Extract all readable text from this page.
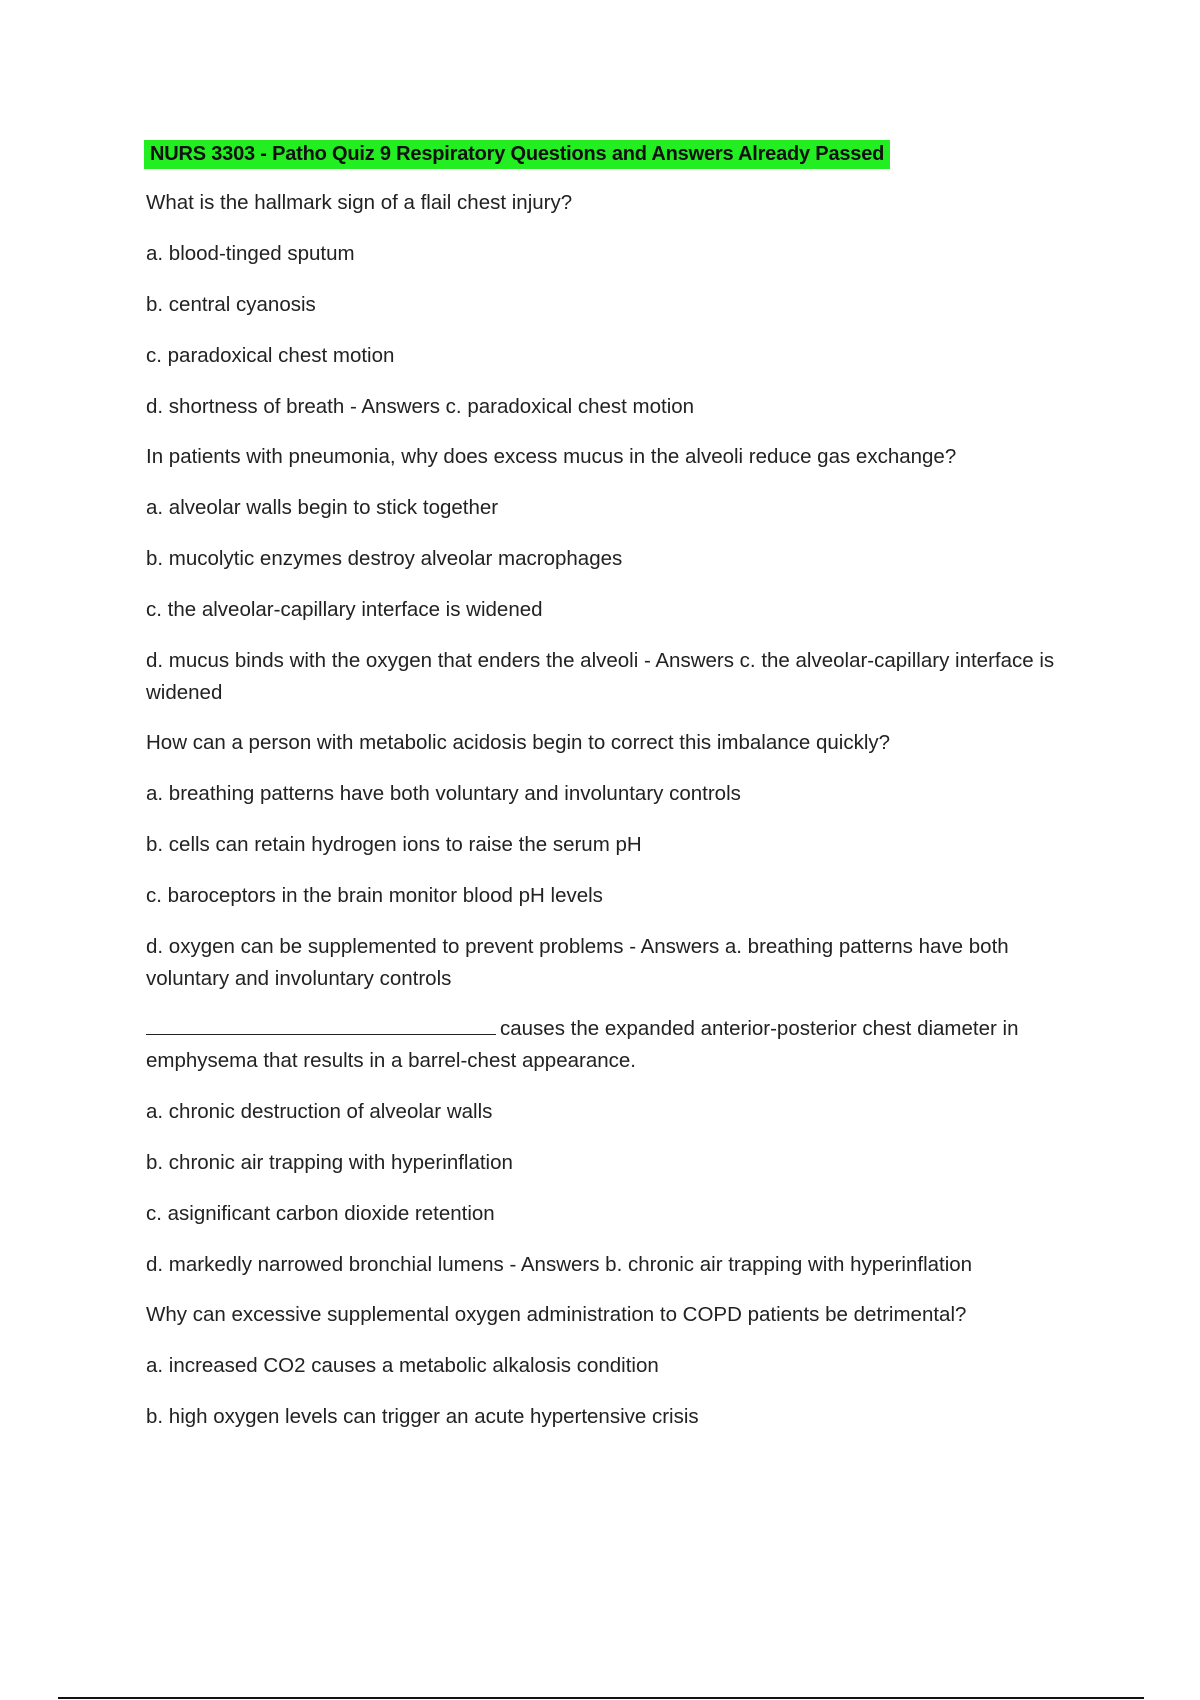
NURS 3303 - Patho Quiz 9 Respiratory Questions and Answers Already Passed

What is the hallmark sign of a flail chest injury?

a. blood-tinged sputum

b. central cyanosis

c. paradoxical chest motion

d. shortness of breath - Answers c. paradoxical chest motion

In patients with pneumonia, why does excess mucus in the alveoli reduce gas exchange?

a. alveolar walls begin to stick together

b. mucolytic enzymes destroy alveolar macrophages

c. the alveolar-capillary interface is widened

d. mucus binds with the oxygen that enders the alveoli - Answers c. the alveolar-capillary interface is widened

How can a person with metabolic acidosis begin to correct this imbalance quickly?

a. breathing patterns have both voluntary and involuntary controls

b. cells can retain hydrogen ions to raise the serum pH

c. baroceptors in the brain monitor blood pH levels

d. oxygen can be supplemented to prevent problems - Answers a. breathing patterns have both voluntary and involuntary controls

causes the expanded anterior-posterior chest diameter in emphysema that results in a barrel-chest appearance.

a. chronic destruction of alveolar walls

b. chronic air trapping with hyperinflation

c. asignificant carbon dioxide retention

d. markedly narrowed bronchial lumens - Answers b. chronic air trapping with hyperinflation

Why can excessive supplemental oxygen administration to COPD patients be detrimental?

a. increased CO2 causes a metabolic alkalosis condition

b. high oxygen levels can trigger an acute hypertensive crisis
